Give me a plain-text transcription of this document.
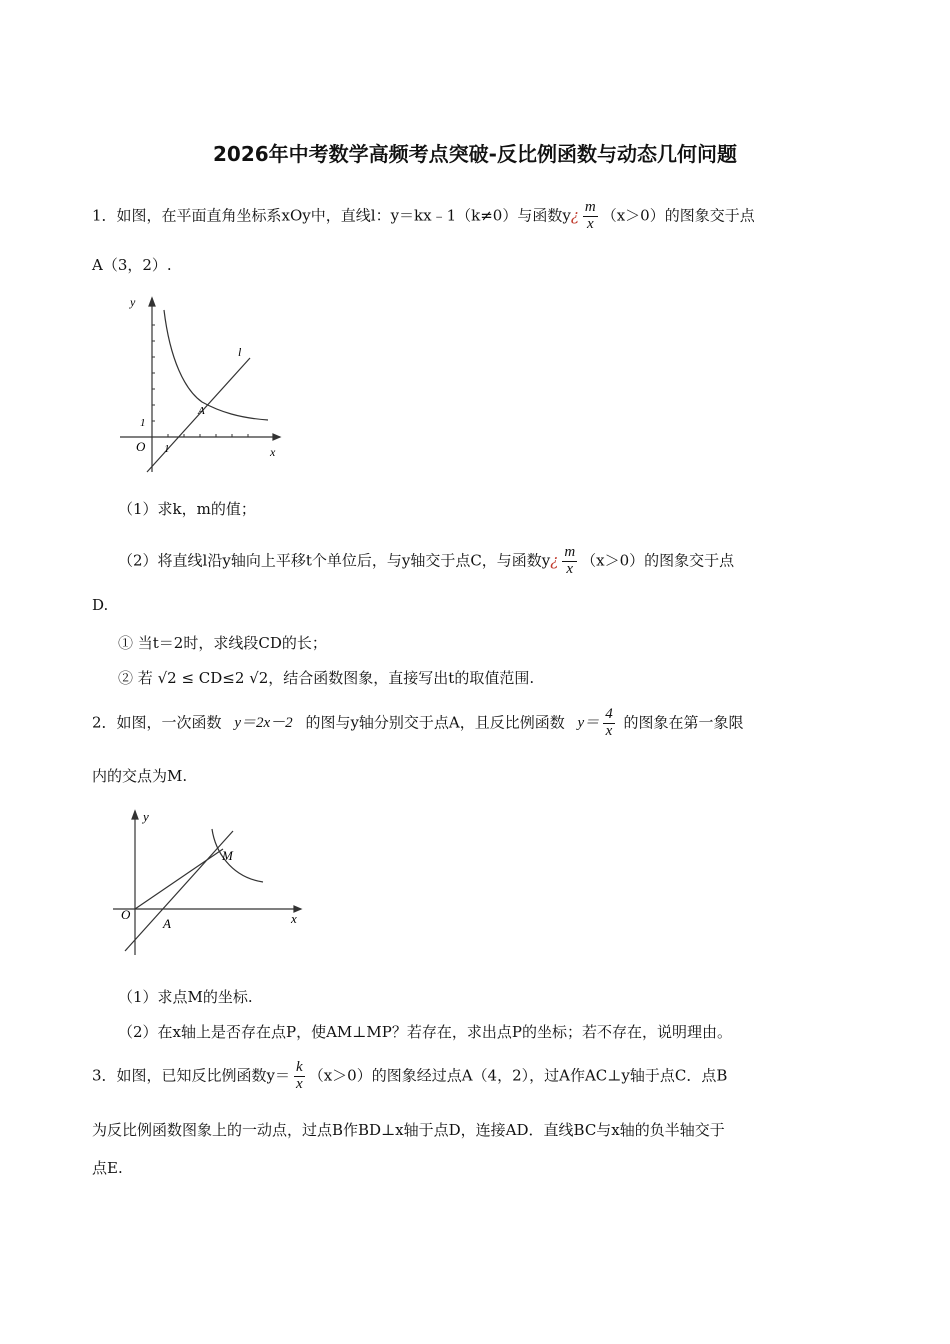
2026年中考数学高频考点突破-反比例函数与动态几何问题
1．如图，在平面直角坐标系xOy中，直线l：y＝kx﹣1（k≠0）与函数y¿ $\frac{m}{x} (x>0)$的图象交于点
A（3，2）.
y
x
l
A
O 1
1
（1）求k，m的值；
（2）将直线l沿y轴向上平移t个单位后，与y轴交于点C，与函数y¿ $\frac{m}{x} (x>0)$的图象交于点
D.
① 当t＝2时，求线段CD的长；
② 若 √2 ≤ CD≤2 √2，结合函数图象，直接写出t的取值范围.
2．如图，一次函数 y＝2x－2 的图与y轴分别交于点A，且反比例函数 $y= \frac{4}{x}$ 的图象在第一象限
内的交点为M.
y
x
O
A
M
（1）求点M的坐标.
（2）在x轴上是否存在点P，使AM⊥MP？若存在，求出点P的坐标；若不存在，说明理由。
3．如图，已知反比例函数$y= \frac{k}{x} (x>0)$的图象经过点A（4，2），过A作AC⊥y轴于点C．点B
为反比例函数图象上的一动点，过点B作BD⊥x轴于点D，连接AD．直线BC与x轴的负半轴交于
点E.
